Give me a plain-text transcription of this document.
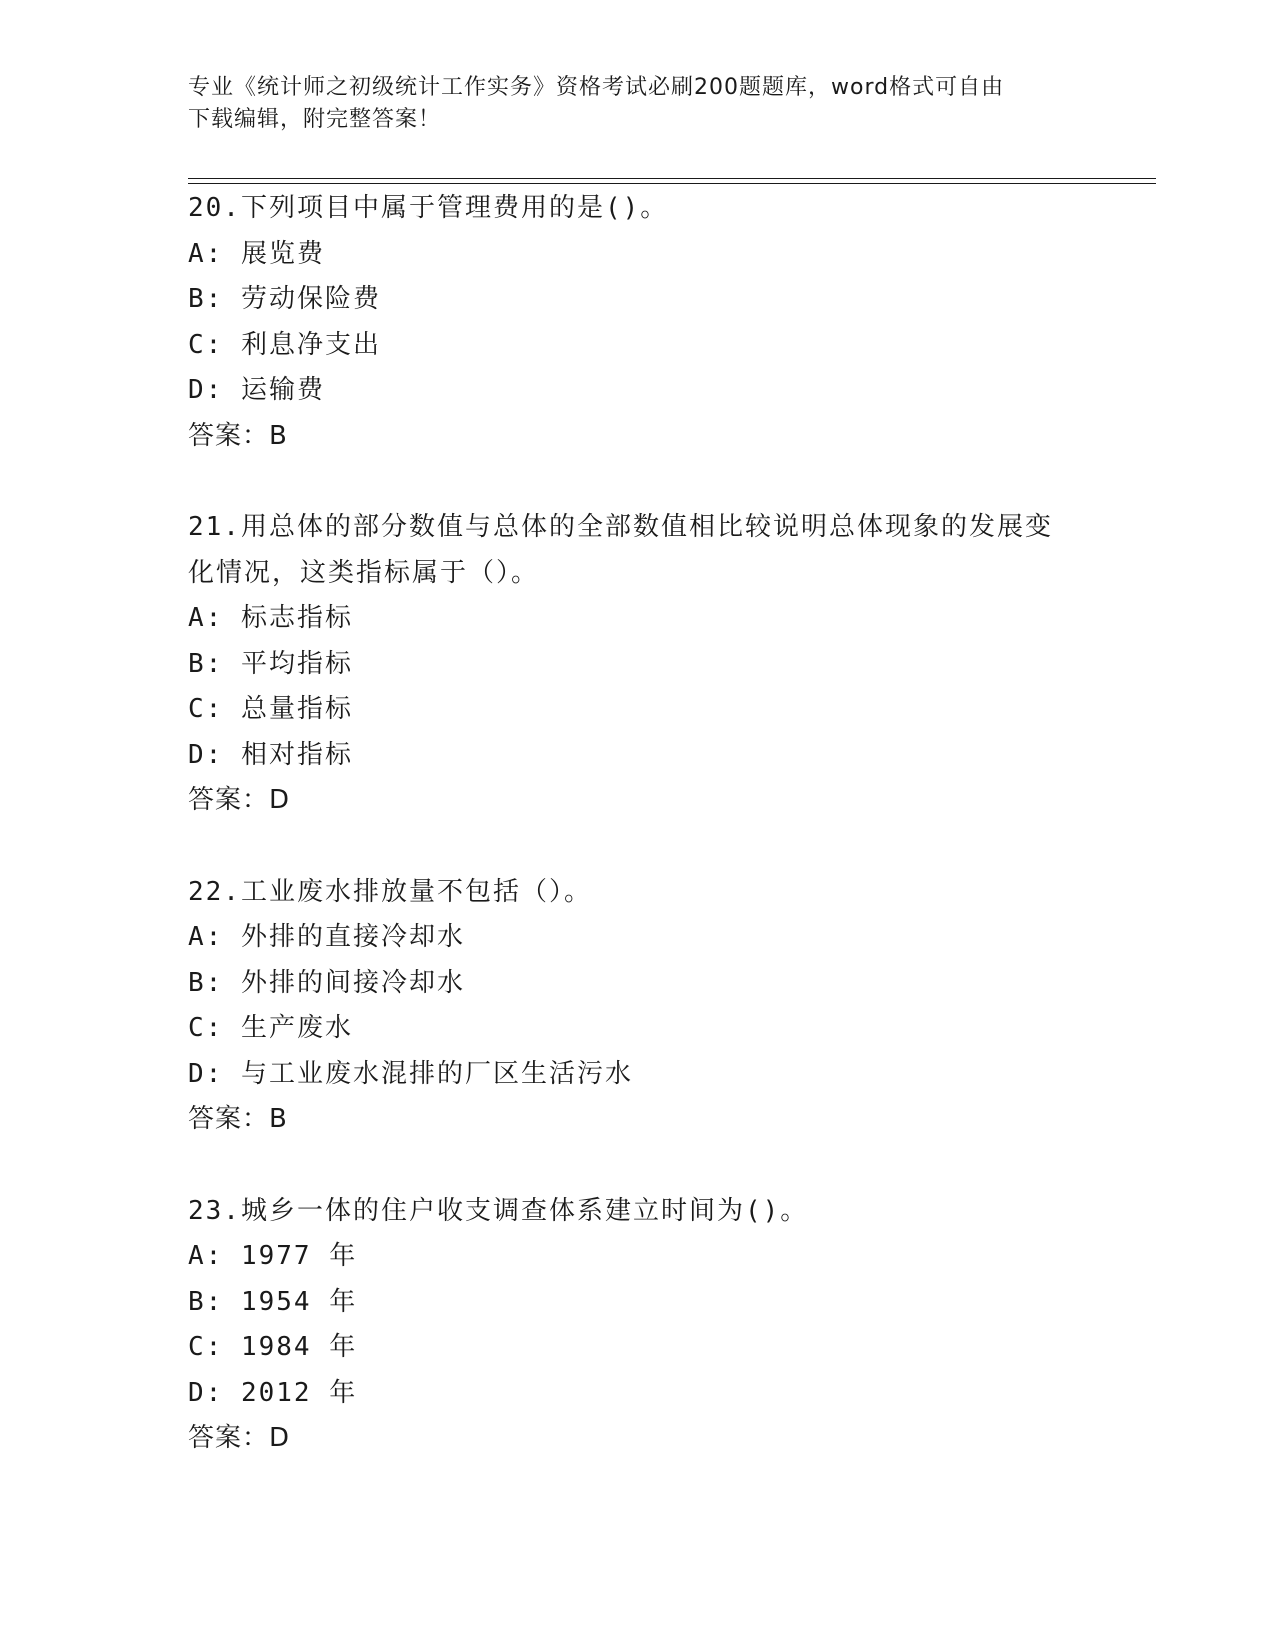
专业《统计师之初级统计工作实务》资格考试必刷200题题库，word格式可自由
下载编辑，附完整答案！
20.下列项目中属于管理费用的是()。
A: 展览费
B: 劳动保险费
C: 利息净支出
D: 运输费
答案：B
21.用总体的部分数值与总体的全部数值相比较说明总体现象的发展变
化情况，这类指标属于（）。
A: 标志指标
B: 平均指标
C: 总量指标
D: 相对指标
答案：D
22.工业废水排放量不包括（）。
A: 外排的直接冷却水
B: 外排的间接冷却水
C: 生产废水
D: 与工业废水混排的厂区生活污水
答案：B
23.城乡一体的住户收支调查体系建立时间为()。
A: 1977 年
B: 1954 年
C: 1984 年
D: 2012 年
答案：D
